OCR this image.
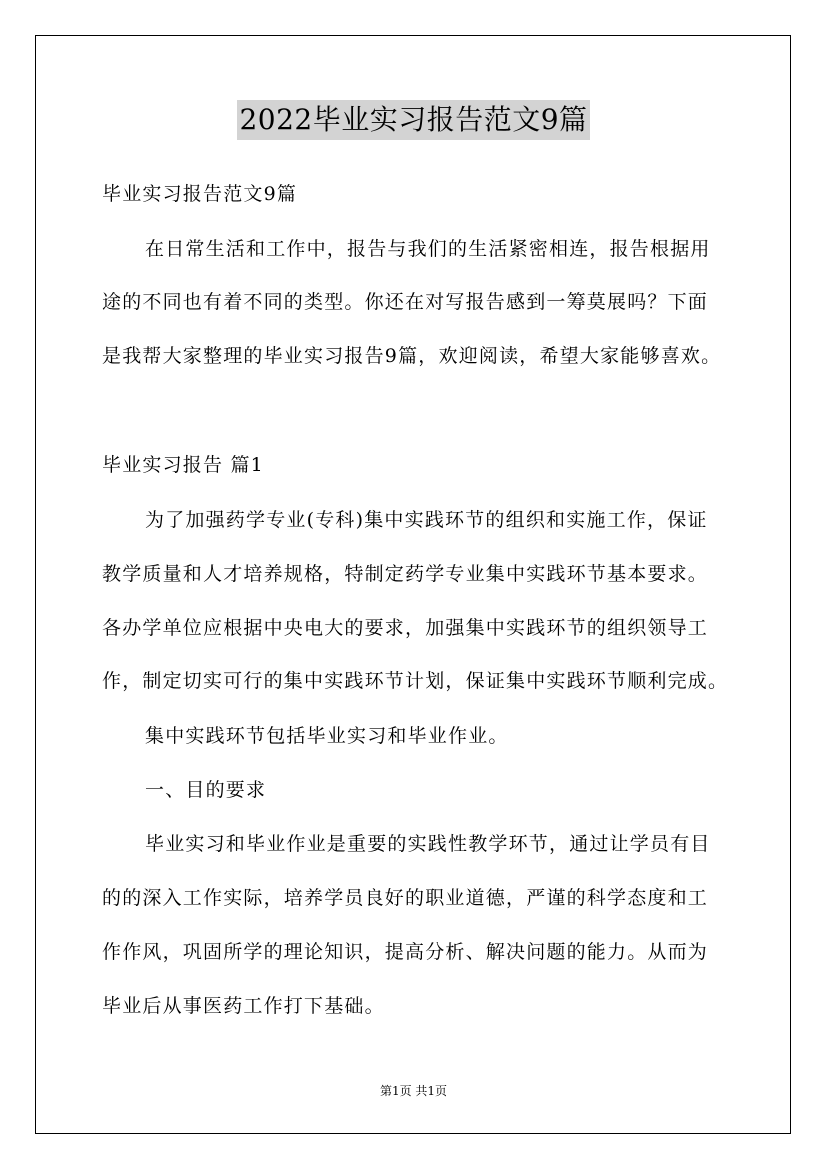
2022毕业实习报告范文9篇
毕业实习报告范文9篇
在日常生活和工作中，报告与我们的生活紧密相连，报告根据用
途的不同也有着不同的类型。你还在对写报告感到一筹莫展吗？下面
是我帮大家整理的毕业实习报告9篇，欢迎阅读，希望大家能够喜欢。
毕业实习报告 篇1
为了加强药学专业(专科)集中实践环节的组织和实施工作，保证
教学质量和人才培养规格，特制定药学专业集中实践环节基本要求。
各办学单位应根据中央电大的要求，加强集中实践环节的组织领导工
作，制定切实可行的集中实践环节计划，保证集中实践环节顺利完成。
集中实践环节包括毕业实习和毕业作业。
一、目的要求
毕业实习和毕业作业是重要的实践性教学环节，通过让学员有目
的的深入工作实际，培养学员良好的职业道德，严谨的科学态度和工
作作风，巩固所学的理论知识，提高分析、解决问题的能力。从而为
毕业后从事医药工作打下基础。
第1页 共1页
